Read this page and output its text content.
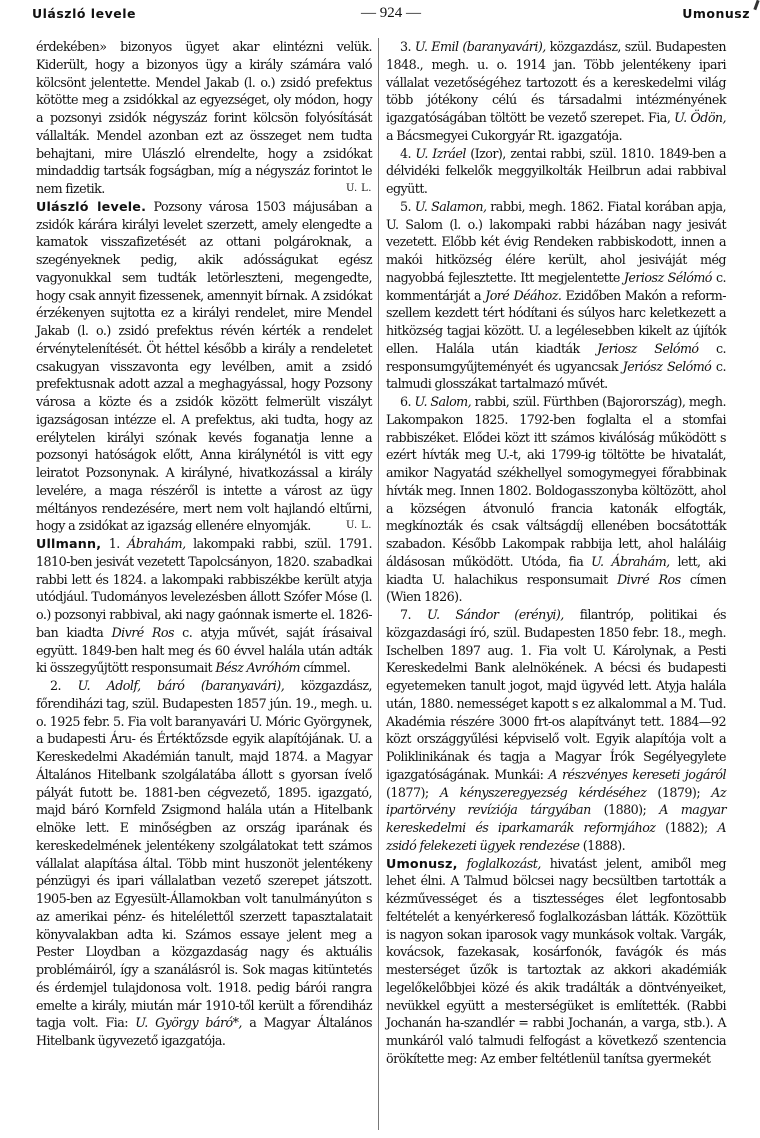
Ulászló levele	— 924 —	Umonusz

érdekében» bizonyos ügyet akar elintézni velük. Kiderült, hogy a bizonyos ügy a király számára való kölcsönt jelentette. Mendel Jakab (l. o.) zsidó prefektus kötötte meg a zsidókkal az egyezséget, oly módon, hogy a pozsonyi zsidók négyszáz forint kölcsön folyósítását vállalták. Mendel azonban ezt az összeget nem tudta behajtani, mire Ulászló elrendelte, hogy a zsidókat mindaddig tartsák fogságban, míg a négyszáz forintot le nem fizetik.	U. L.

Ulászló levele. Pozsony városa 1503 májusában a zsidók kárára királyi levelet szerzett, amely elengedte a kamatok visszafizetését az ottani polgároknak, a szegényeknek pedig, akik adósságukat egész vagyonukkal sem tudták letörleszteni, megengedte, hogy csak annyit fizessenek, amennyit bírnak. A zsidókat érzékenyen sujtotta ez a királyi rendelet, mire Mendel Jakab (l. o.) zsidó prefektus révén kérték a rendelet érvénytelenítését. Öt héttel később a király a rendeletet csakugyan visszavonta egy levélben, amit a zsidó prefektusnak adott azzal a meghagyással, hogy Pozsony városa a közte és a zsidók között felmerült viszályt igazságosan intézze el. A prefektus, aki tudta, hogy az erélytelen királyi szónak kevés foganatja lenne a pozsonyi hatóságok előtt, Anna királynétól is vitt egy leiratot Pozsonynak. A királyné, hivatkozással a király levelére, a maga részéről is intette a várost az ügy méltányos rendezésére, mert nem volt hajlandó eltűrni, hogy a zsidókat az igazság ellenére elnyomják.	U. L.

Ullmann, 1. Ábrahám, lakompaki rabbi, szül. 1791. 1810-ben jesivát vezetett Tapolcsányon, 1820. szabadkai rabbi lett és 1824. a lakompaki rabbiszékbe került atyja utódjául. Tudományos levelezésben állott Szófer Móse (l. o.) pozsonyi rabbival, aki nagy gaónnak ismerte el. 1826-ban kiadta Divré Ros c. atyja művét, saját írásaival együtt. 1849-ben halt meg és 60 évvel halála után adták ki összegyűjtött responsumait Bész Avróhóm címmel.

2. U. Adolf, báró (baranyavári), közgazdász, főrendiházi tag, szül. Budapesten 1857 jún. 19., megh. u. o. 1925 febr. 5. Fia volt baranyavári U. Móric Györgynek, a budapesti Áru- és Értéktőzsde egyik alapítójának. U. a Kereskedelmi Akadémián tanult, majd 1874. a Magyar Általános Hitelbank szolgálatába állott s gyorsan ívelő pályát futott be. 1881-ben cégvezető, 1895. igazgató, majd báró Kornfeld Zsigmond halála után a Hitelbank elnöke lett. E minőségben az ország iparának és kereskedelmének jelentékeny szolgálatokat tett számos vállalat alapítása által. Több mint huszonöt jelentékeny pénzügyi és ipari vállalatban vezető szerepet játszott. 1905-ben az Egyesült-Államokban volt tanulmányúton s az amerikai pénz- és hitelélettől szerzett tapasztalatait könyvalakban adta ki. Számos essaye jelent meg a Pester Lloydban a közgazdaság nagy és aktuális problémáiról, így a szanálásról is. Sok magas kitüntetés és érdemjel tulajdonosa volt. 1918. pedig bárói rangra emelte a király, miután már 1910-től került a főrendiház tagja volt. Fia: U. György báró*, a Magyar Általános Hitelbank ügyvezető igazgatója.

3. U. Emil (baranyavári), közgazdász, szül. Budapesten 1848., megh. u. o. 1914 jan. Több jelentékeny ipari vállalat vezetőségéhez tartozott és a kereskedelmi világ több jótékony célú és társadalmi intézményének igazgatóságában töltött be vezető szerepet. Fia, U. Ödön, a Bácsmegyei Cukorgyár Rt. igazgatója.

4. U. Izráel (Izor), zentai rabbi, szül. 1810. 1849-ben a délvidéki felkelők meggyilkolták Heilbrun adai rabbival együtt.

5. U. Salamon, rabbi, megh. 1862. Fiatal korában apja, U. Salom (l. o.) lakompaki rabbi házában nagy jesivát vezetett. Előbb két évig Rendeken rabbiskodott, innen a makói hitközség élére került, ahol jesiváját még nagyobbá fejlesztette. Itt megjelentette Jeriosz Sélómó c. kommentárját a Joré Déához. Ezidőben Makón a reform-szellem kezdett tért hódítani és súlyos harc keletkezett a hitközség tagjai között. U. a legélesebben kikelt az újítók ellen. Halála után kiadták Jeriosz Selómó c. responsumgyűjteményét és ugyancsak Jeriósz Selómó c. talmudi glosszákat tartalmazó művét.

6. U. Salom, rabbi, szül. Fürthben (Bajorország), megh. Lakompakon 1825. 1792-ben foglalta el a stomfai rabbiszéket. Elődei közt itt számos kiválóság működött s ezért hívták meg U.-t, aki 1799-ig töltötte be hivatalát, amikor Nagyatád székhellyel somogymegyei főrabbinak hívták meg. Innen 1802. Boldogasszonyba költözött, ahol a községen átvonuló francia katonák elfogták, megkínozták és csak váltságdíj ellenében bocsátották szabadon. Később Lakompak rabbija lett, ahol haláláig áldásosan működött. Utóda, fia U. Ábrahám, lett, aki kiadta U. halachikus responsumait Divré Ros címen (Wien 1826).

7. U. Sándor (erényi), filantróp, politikai és közgazdasági író, szül. Budapesten 1850 febr. 18., megh. Ischelben 1897 aug. 1. Fia volt U. Károlynak, a Pesti Kereskedelmi Bank alelnökének. A bécsi és budapesti egyetemeken tanult jogot, majd ügyvéd lett. Atyja halála után, 1880. nemességet kapott s ez alkalommal a M. Tud. Akadémia részére 3000 frt-os alapítványt tett. 1884—92 közt országgyűlési képviselő volt. Egyik alapítója volt a Poliklinikának és tagja a Magyar Írók Segélyegylete igazgatóságának. Munkái: A részvényes kereseti jogáról (1877); A kényszeregyezség kérdéséhez (1879); Az ipartörvény revíziója tárgyában (1880); A magyar kereskedelmi és iparkamarák reformjához (1882); A zsidó felekezeti ügyek rendezése (1888).

Umonusz, foglalkozást, hivatást jelent, amiből meg lehet élni. A Talmud bölcsei nagy becsültben tartották a kézművességet és a tisztességes élet legfontosabb feltételét a kenyérkereső foglalkozásban látták. Közöttük is nagyon sokan iparosok vagy munkások voltak. Vargák, kovácsok, fazekasak, kosárfonók, favágók és más mesterséget űzők is tartoztak az akkori akadémiák legelőkelőbbjei közé és akik tradálták a döntvényeiket, nevükkel együtt a mesterségüket is említették. (Rabbi Jochanán ha-szandlér = rabbi Jochanán, a varga, stb.). A munkáról való talmudi felfogást a következő szentencia örökítette meg: Az ember feltétlenül tanítsa gyermekét
